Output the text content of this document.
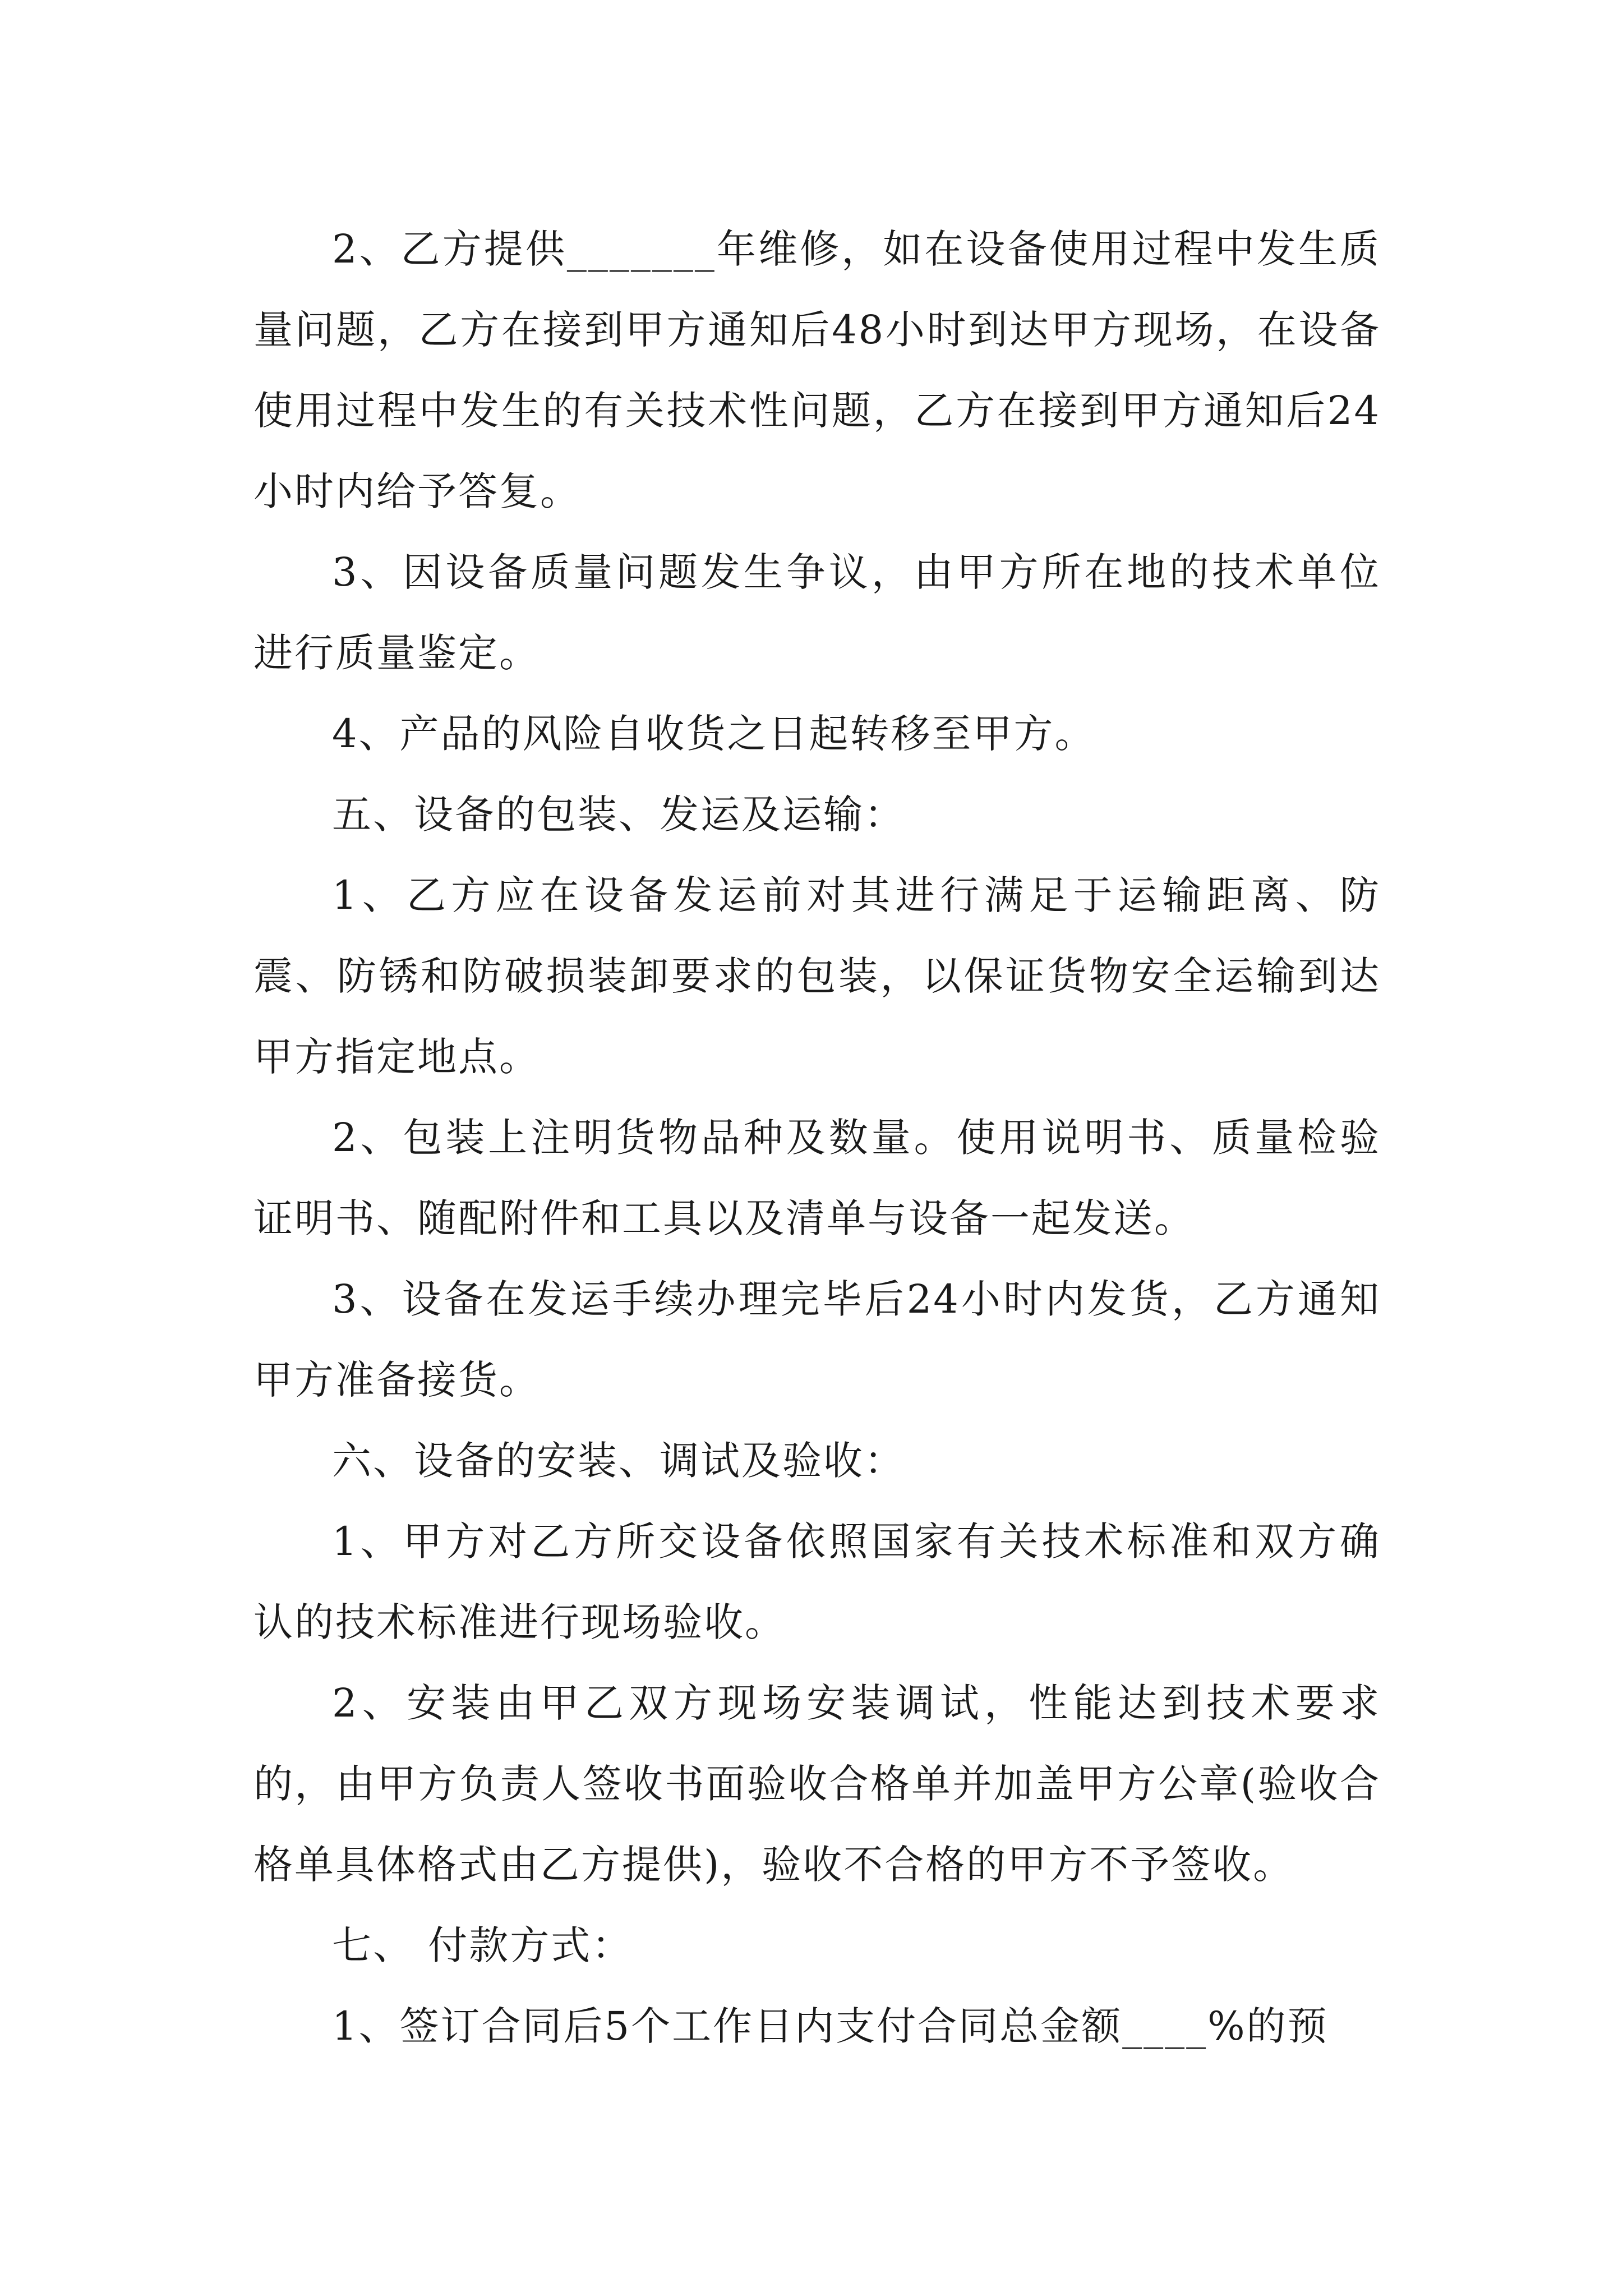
2、乙方提供_______年维修，如在设备使用过程中发生质量问题，乙方在接到甲方通知后48小时到达甲方现场，在设备使用过程中发生的有关技术性问题，乙方在接到甲方通知后24小时内给予答复。

3、因设备质量问题发生争议，由甲方所在地的技术单位进行质量鉴定。

4、产品的风险自收货之日起转移至甲方。

五、设备的包装、发运及运输：

1、乙方应在设备发运前对其进行满足于运输距离、防震、防锈和防破损装卸要求的包装，以保证货物安全运输到达甲方指定地点。

2、包装上注明货物品种及数量。使用说明书、质量检验证明书、随配附件和工具以及清单与设备一起发送。

3、设备在发运手续办理完毕后24小时内发货，乙方通知甲方准备接货。

六、设备的安装、调试及验收：

1、甲方对乙方所交设备依照国家有关技术标准和双方确认的技术标准进行现场验收。

2、安装由甲乙双方现场安装调试，性能达到技术要求的，由甲方负责人签收书面验收合格单并加盖甲方公章(验收合格单具体格式由乙方提供)，验收不合格的甲方不予签收。

七、 付款方式：

1、签订合同后5个工作日内支付合同总金额____%的预
